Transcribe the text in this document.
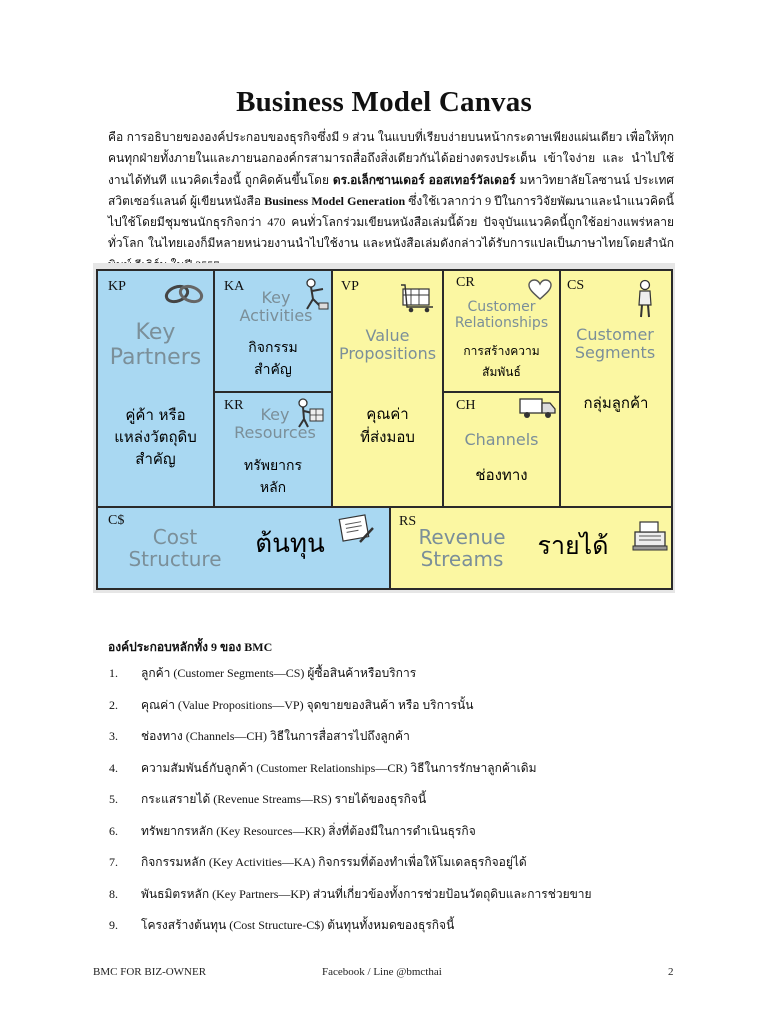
Business Model Canvas
คือ การอธิบายขององค์ประกอบของธุรกิจซึ่งมี 9 ส่วน ในแบบที่เรียบง่ายบนหน้ากระดาษเพียงแผ่นเดียว เพื่อให้ทุกคนทุกฝ่ายทั้งภายในและภายนอกองค์กรสามารถสื่อถึงสิ่งเดียวกันได้อย่างตรงประเด็น เข้าใจง่าย และ นำไปใช้งานได้ทันที แนวคิดเรื่องนี้ ถูกคิดค้นขึ้นโดย ดร.อเล็กซานเดอร์ ออสเทอร์วัลเดอร์ มหาวิทยาลัยโลซานน์ ประเทศสวิตเซอร์แลนด์ ผู้เขียนหนังสือ Business Model Generation ซึ่งใช้เวลากว่า 9 ปีในการวิจัยพัฒนาและนำแนวคิดนี้ไปใช้โดยมีชุมชนนักธุรกิจกว่า 470 คนทั่วโลกร่วมเขียนหนังสือเล่มนี้ด้วย ปัจจุบันแนวคิดนี้ถูกใช้อย่างแพร่หลายทั่วโลก ในไทยเองก็มีหลายหน่วยงานนำไปใช้งาน และหนังสือเล่มดังกล่าวได้รับการแปลเป็นภาษาไทยโดยสำนัก
KP
Key
Partners
คู่ค้า หรือ
แหล่งวัตถุดิบ
สำคัญ
KA
Key
Activities
กิจกรรม
สำคัญ
KR	Key
Resources
ทรัพยากร
หลัก
VP
Value
Propositions
คุณค่า
ที่ส่งมอบ
CR
Customer
Relationships
การสร้างความ
สัมพันธ์
CH
Channels
ช่องทาง
CS
Customer
Segments
กลุ่มลูกค้า
C$
Cost
Structure
ต้นทุน
RS
Revenue
Streams	รายได้
องค์ประกอบหลักทั้ง 9 ของ BMC
1. ลูกค้า (Customer Segments—CS) ผู้ซื้อสินค้าหรือบริการ
2. คุณค่า (Value Propositions—VP) จุดขายของสินค้า หรือ บริการนั้น
3. ช่องทาง (Channels—CH) วิธีในการสื่อสารไปถึงลูกค้า
4. ความสัมพันธ์กับลูกค้า (Customer Relationships—CR) วิธีในการรักษาลูกค้าเดิม
5. กระแสรายได้ (Revenue Streams—RS) รายได้ของธุรกิจนี้
6. ทรัพยากรหลัก (Key Resources—KR) สิ่งที่ต้องมีในการดำเนินธุรกิจ
7. กิจกรรมหลัก (Key Activities—KA) กิจกรรมที่ต้องทำเพื่อให้โมเดลธุรกิจอยู่ได้
8. พันธมิตรหลัก (Key Partners—KP) ส่วนที่เกี่ยวข้องทั้งการช่วยป้อนวัตถุดิบและการช่วยขาย
9. โครงสร้างต้นทุน (Cost Structure-C$) ต้นทุนทั้งหมดของธุรกิจนี้
BMC FOR BIZ-OWNER	Facebook / Line @bmcthai	2
